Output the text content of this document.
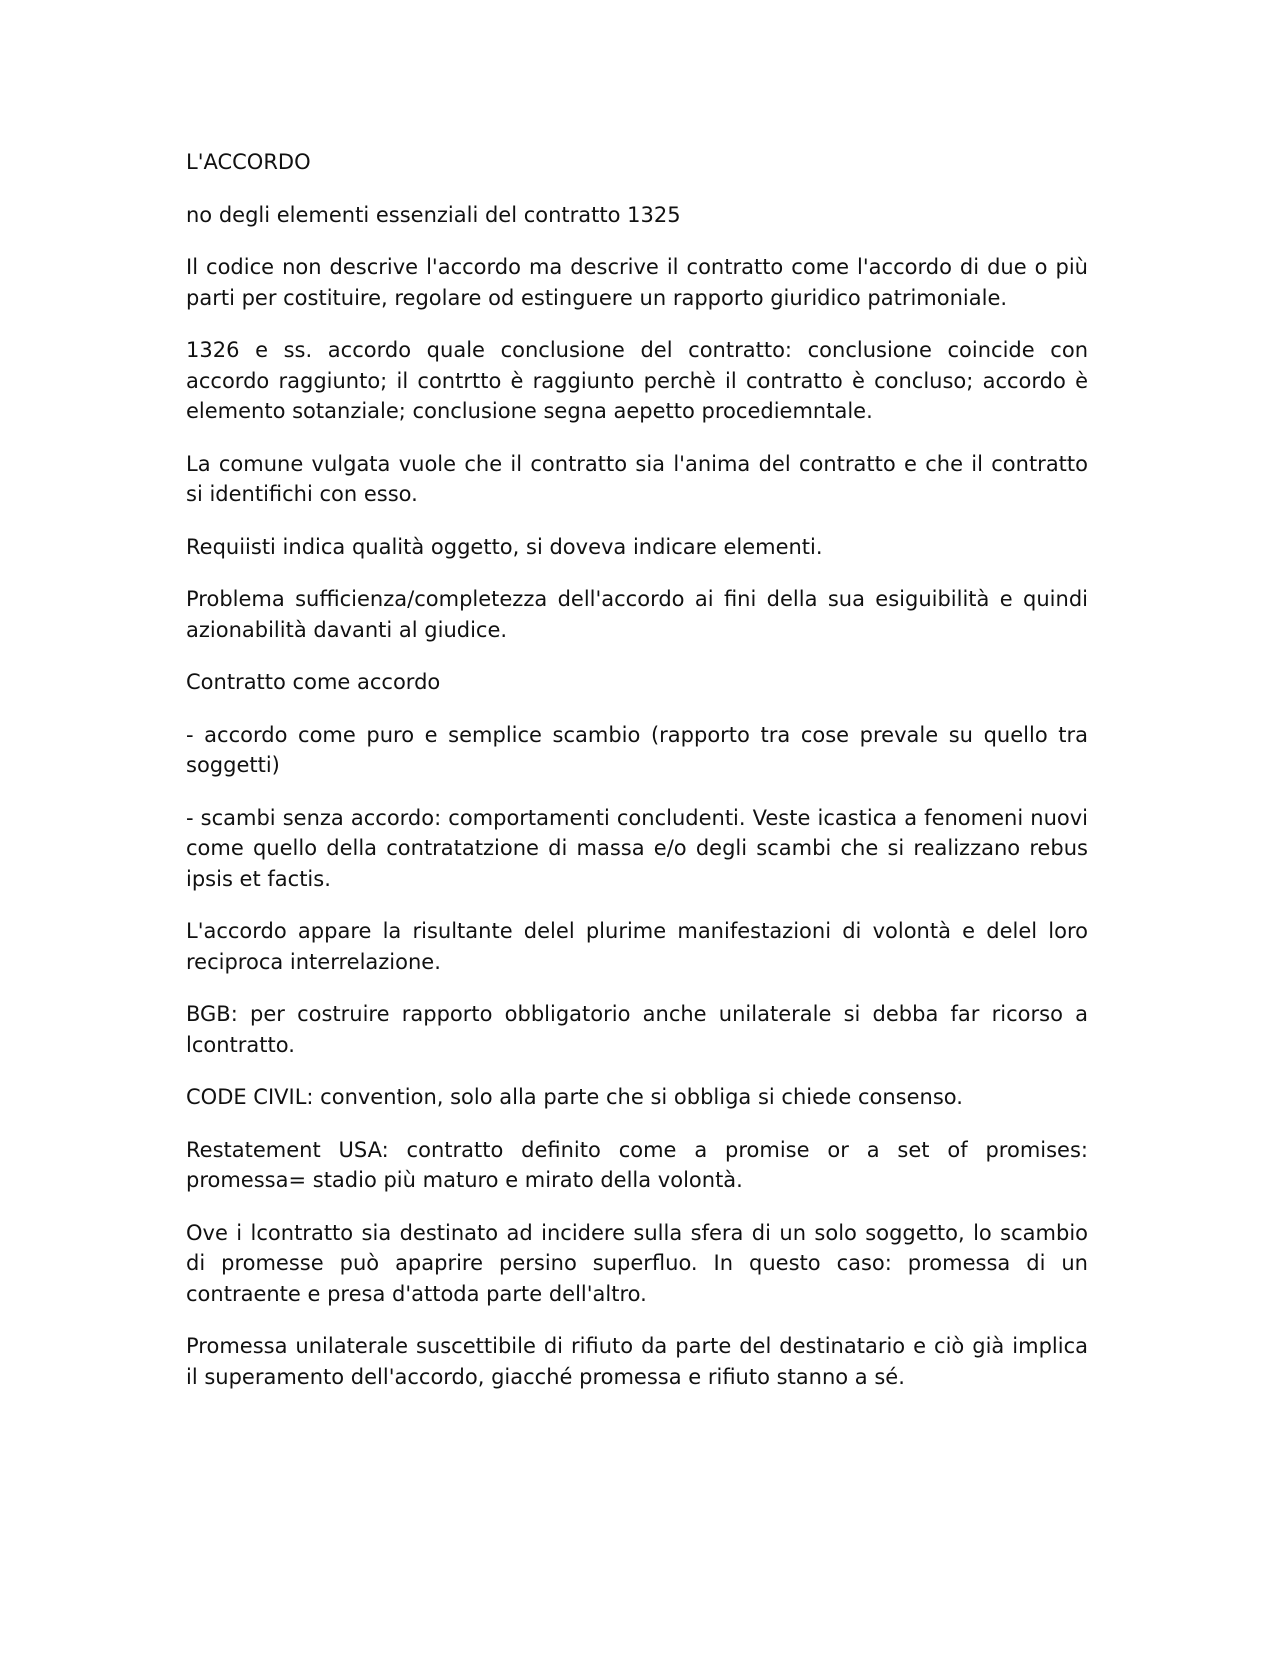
L'ACCORDO

no degli elementi essenziali del contratto 1325

Il codice non descrive l'accordo ma descrive il contratto come l'accordo di due o più parti per costituire, regolare od estinguere un rapporto giuridico patrimoniale.

1326 e ss. accordo quale conclusione del contratto: conclusione coincide con accordo raggiunto; il contrtto è raggiunto perchè il contratto è concluso; accordo è elemento sotanziale; conclusione segna aepetto procediemntale.

La comune vulgata vuole che il contratto sia l'anima del contratto e che il contratto si identifichi con esso.

Requiisti indica qualità oggetto, si doveva indicare elementi.

Problema sufficienza/completezza dell'accordo ai fini della sua esiguibilità e quindi azionabilità davanti al giudice.

Contratto come accordo

- accordo come puro e semplice scambio (rapporto tra cose prevale su quello tra soggetti)

- scambi senza accordo: comportamenti concludenti. Veste icastica a fenomeni nuovi come quello della contratatzione di massa e/o degli scambi che si realizzano rebus ipsis et factis.

L'accordo appare la risultante delel plurime manifestazioni di volontà e delel loro reciproca interrelazione.

BGB: per costruire rapporto obbligatorio anche unilaterale si debba far ricorso a lcontratto.

CODE CIVIL: convention, solo alla parte che si obbliga si chiede consenso.

Restatement USA: contratto definito come a promise or a set of promises: promessa= stadio più maturo e mirato della volontà.

Ove i lcontratto sia destinato ad incidere sulla sfera di un solo soggetto, lo scambio di promesse può apaprire persino superfluo. In questo caso: promessa di un contraente e presa d'attoda parte dell'altro.

Promessa unilaterale suscettibile di rifiuto da parte del destinatario e ciò già implica il superamento dell'accordo, giacché promessa e rifiuto stanno a sé.
